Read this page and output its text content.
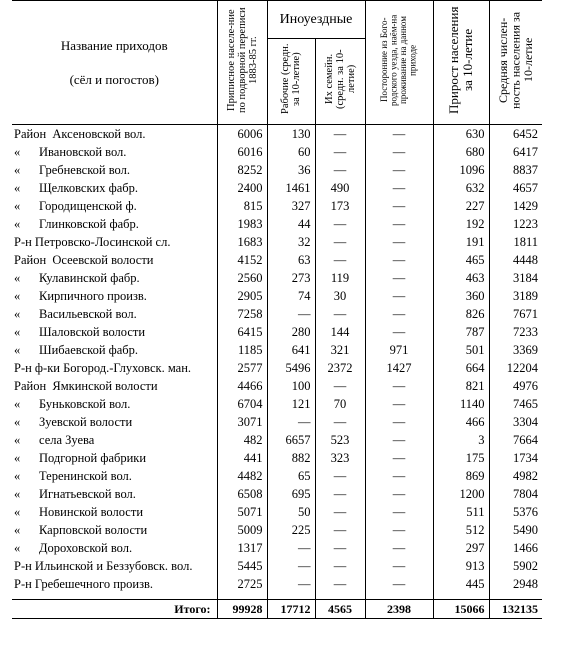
Название приходов
(сёл и погостов)	Приписное населе-ние по подворной переписи 1883-85 гг.	Иноуездные		Посторонние из Бого-родского уезда, наём-на проживание на данном приходе	Прирост населения за 10-летие	Средняя числен-ность населения за 10-летие
		Рабочие (средн. за 10-летие)	Их семейн. (средн. за 10-летие)			
Район  Аксеновской вол.	6006	130	—	—	630	6452
«      Ивановской вол.	6016	60	—	—	680	6417
«      Гребневской вол.	8252	36	—	—	1096	8837
«      Щелковских фабр.	2400	1461	490	—	632	4657
«      Городищенской ф.	815	327	173	—	227	1429
«      Глинковской фабр.	1983	44	—	—	192	1223
Р-н Петровско-Лосинской сл.	1683	32	—	—	191	1811
Район  Осеевской волости	4152	63	—	—	465	4448
«      Кулавинской фабр.	2560	273	119	—	463	3184
«      Кирпичного произв.	2905	74	30	—	360	3189
«      Васильевской вол.	7258	—	—	—	826	7671
«      Шаловской волости	6415	280	144	—	787	7233
«      Шибаевской фабр.	1185	641	321	971	501	3369
Р-н ф-ки Богород.-Глуховск. ман.	2577	5496	2372	1427	664	12204
Район  Ямкинской волости	4466	100	—	—	821	4976
«      Буньковской вол.	6704	121	70	—	1140	7465
«      Зуевской волости	3071	—	—	—	466	3304
«      села Зуева	482	6657	523	—	3	7664
«      Подгорной фабрики	441	882	323	—	175	1734
«      Теренинской вол.	4482	65	—	—	869	4982
«      Игнатьевской вол.	6508	695	—	—	1200	7804
«      Новинской волости	5071	50	—	—	511	5376
«      Карповской волости	5009	225	—	—	512	5490
«      Дороховской вол.	1317	—	—	—	297	1466
Р-н Ильинской и Беззубовск. вол.	5445	—	—	—	913	5902
Р-н Гребешечного произв.	2725	—	—	—	445	2948

Итого:	99928	17712	4565	2398	15066	132135
